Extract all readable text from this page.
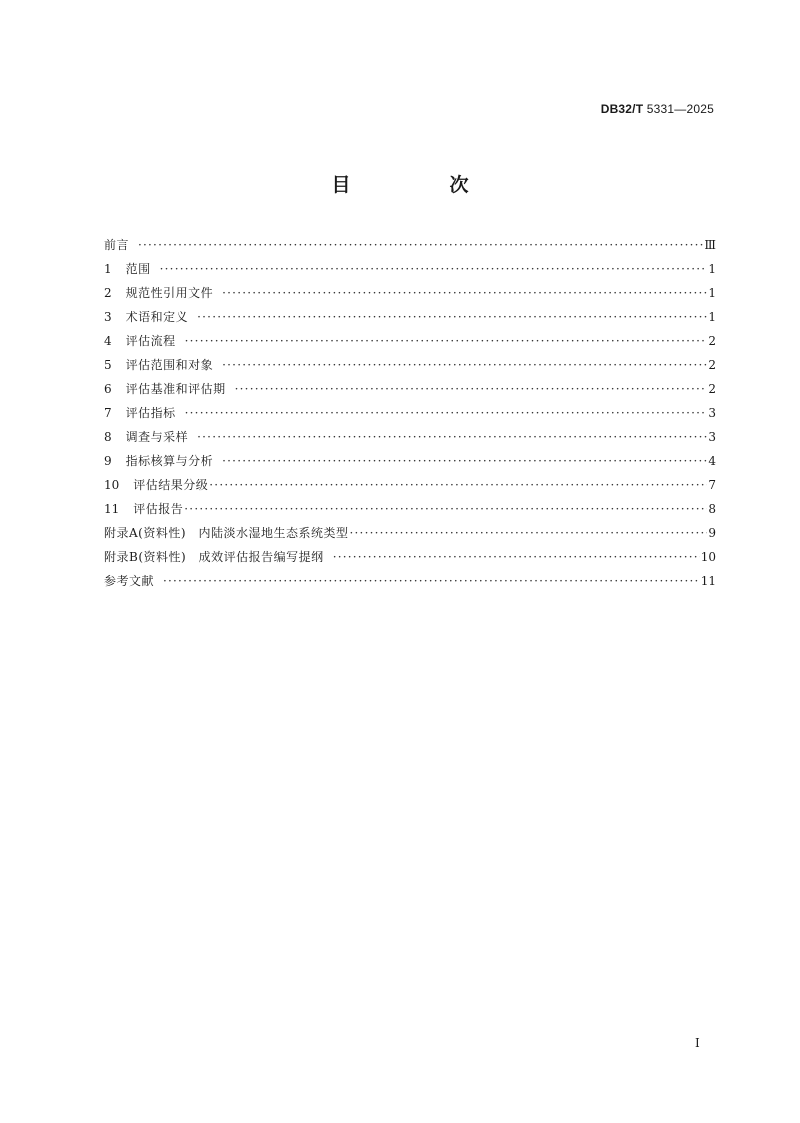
DB32/T 5331—2025
目　次
前言 ·····	Ⅲ
1 范围 ·····	1
2 规范性引用文件 ·····	1
3 术语和定义 ·····	1
4 评估流程 ·····	2
5 评估范围和对象 ·····	2
6 评估基准和评估期 ·····	2
7 评估指标 ·····	3
8 调查与采样 ·····	3
9 指标核算与分析 ·····	4
10 评估结果分级 ·····	7
11 评估报告 ·····	8
附录A(资料性)　内陆淡水湿地生态系统类型 ·····	9
附录B(资料性)　成效评估报告编写提纲 ·····	10
参考文献 ·····	11
I
